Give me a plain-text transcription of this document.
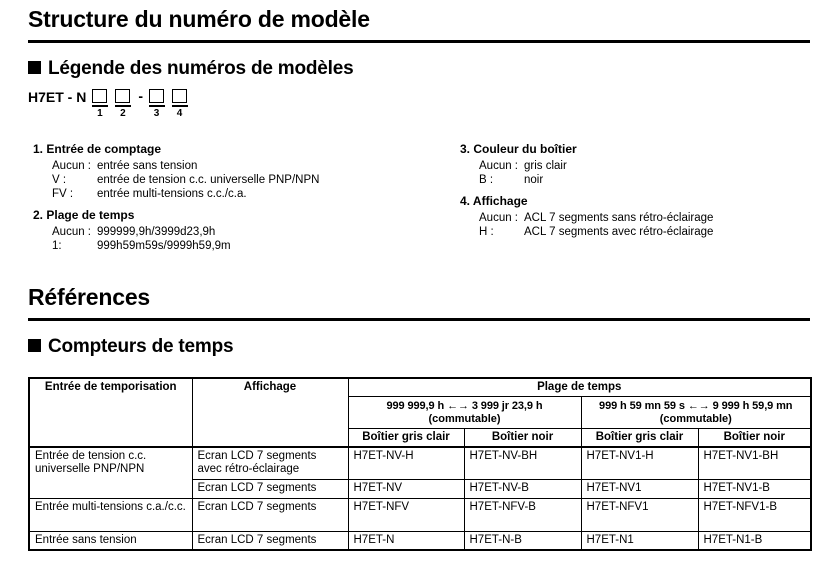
Structure du numéro de modèle
Légende des numéros de modèles
H7ET - N
1 2
-
3 4
1. Entrée de comptage
Aucun : entrée sans tension
V :	entrée de tension c.c. universelle PNP/NPN
FV :	entrée multi-tensions c.c./c.a.
2. Plage de temps
Aucun : 999999,9h/3999d23,9h
1:	999h59m59s/9999h59,9m
3. Couleur du boîtier
Aucun : gris clair
B :	noir
4. Affichage
Aucun : ACL 7 segments sans rétro-éclairage
H :	ACL 7 segments avec rétro-éclairage
Références
Compteurs de temps
Entrée de temporisation	Affichage	Plage de temps			

999 999,9 h ←→ 3 999 jr 23,9 h
(commutable)

999 h 59 mn 59 s ←→ 9 999 h 59,9 mn
(commutable)

		Boîtier gris clair	Boîtier noir	Boîtier gris clair	Boîtier noir
Entrée de tension c.c. universelle PNP/NPN	Ecran LCD 7 segments avec rétro-éclairage	H7ET-NV-H	H7ET-NV-BH	H7ET-NV1-H	H7ET-NV1-BH
	Ecran LCD 7 segments	H7ET-NV	H7ET-NV-B	H7ET-NV1	H7ET-NV1-B
Entrée multi-tensions c.a./c.c.	Ecran LCD 7 segments	H7ET-NFV	H7ET-NFV-B	H7ET-NFV1	H7ET-NFV1-B
Entrée sans tension	Ecran LCD 7 segments	H7ET-N	H7ET-N-B	H7ET-N1	H7ET-N1-B
